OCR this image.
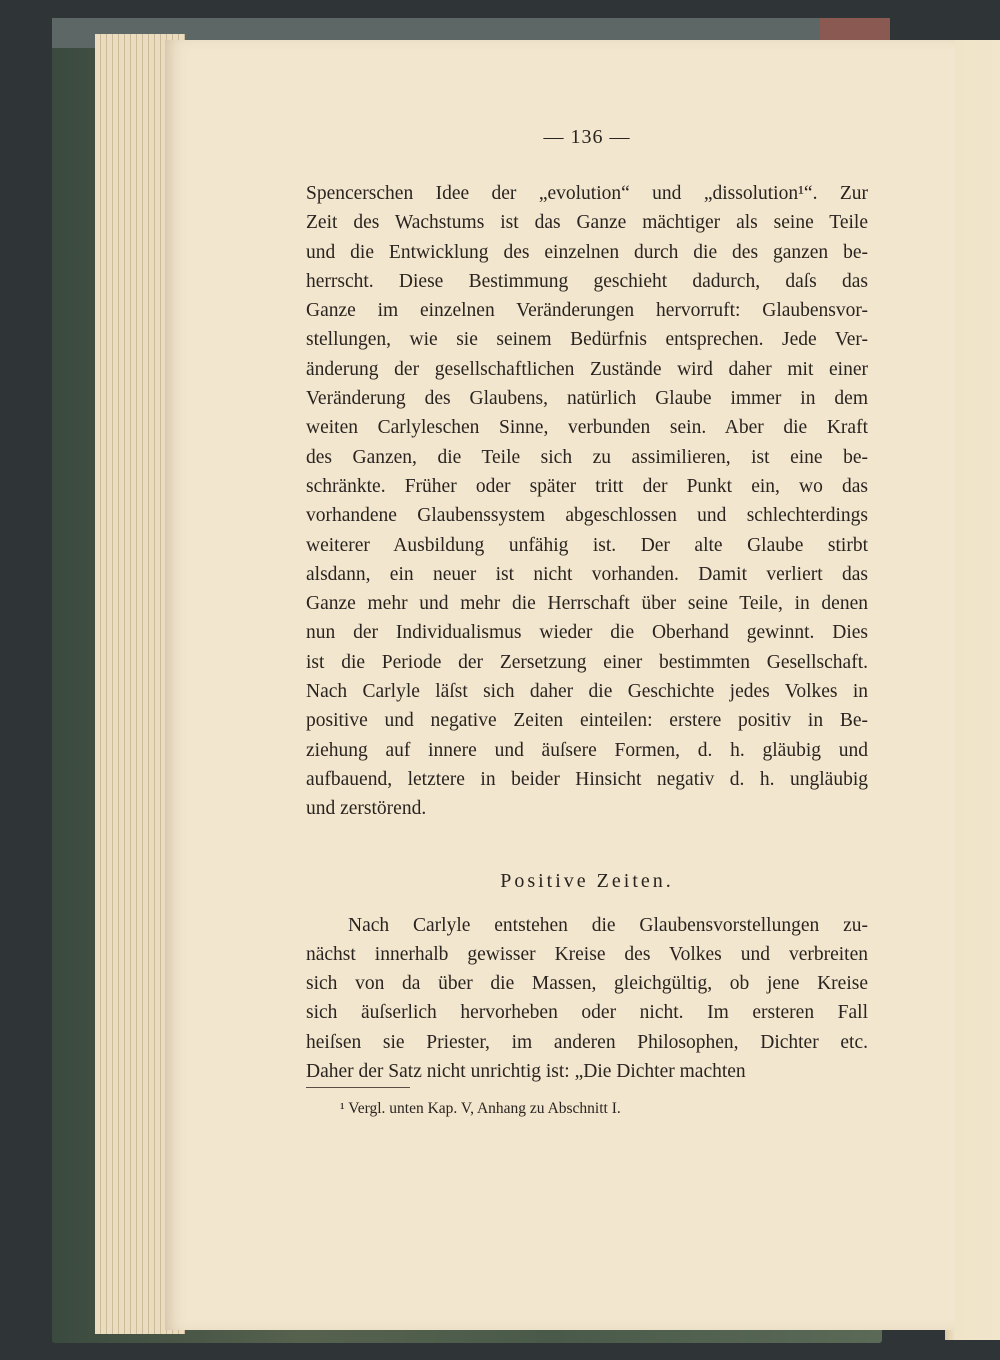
— 136 —
Spencerschen Idee der „evolution“ und „dissolution¹“. Zur
Zeit des Wachstums ist das Ganze mächtiger als seine Teile
und die Entwicklung des einzelnen durch die des ganzen be-
herrscht. Diese Bestimmung geschieht dadurch, daſs das
Ganze im einzelnen Veränderungen hervorruft: Glaubensvor-
stellungen, wie sie seinem Bedürfnis entsprechen. Jede Ver-
änderung der gesellschaftlichen Zustände wird daher mit einer
Veränderung des Glaubens, natürlich Glaube immer in dem
weiten Carlyleschen Sinne, verbunden sein. Aber die Kraft
des Ganzen, die Teile sich zu assimilieren, ist eine be-
schränkte. Früher oder später tritt der Punkt ein, wo das
vorhandene Glaubenssystem abgeschlossen und schlechterdings
weiterer Ausbildung unfähig ist. Der alte Glaube stirbt
alsdann, ein neuer ist nicht vorhanden. Damit verliert das
Ganze mehr und mehr die Herrschaft über seine Teile, in denen
nun der Individualismus wieder die Oberhand gewinnt. Dies
ist die Periode der Zersetzung einer bestimmten Gesellschaft.
Nach Carlyle läſst sich daher die Geschichte jedes Volkes in
positive und negative Zeiten einteilen: erstere positiv in Be-
ziehung auf innere und äuſsere Formen, d. h. gläubig und
aufbauend, letztere in beider Hinsicht negativ d. h. ungläubig
und zerstörend.
Positive Zeiten.
Nach Carlyle entstehen die Glaubensvorstellungen zu-
nächst innerhalb gewisser Kreise des Volkes und verbreiten
sich von da über die Massen, gleichgültig, ob jene Kreise
sich äuſserlich hervorheben oder nicht. Im ersteren Fall
heiſsen sie Priester, im anderen Philosophen, Dichter etc.
Daher der Satz nicht unrichtig ist: „Die Dichter machten
¹ Vergl. unten Kap. V, Anhang zu Abschnitt I.
